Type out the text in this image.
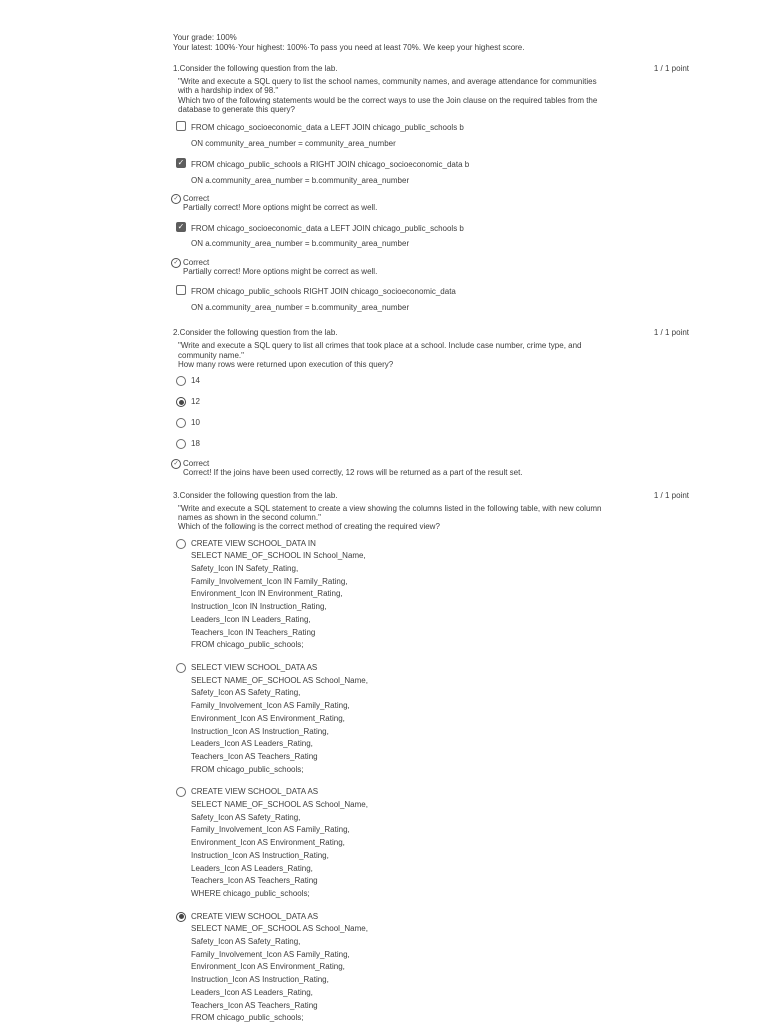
Your grade: 100%
Your latest: 100%·Your highest: 100%·To pass you need at least 70%. We keep your highest score.
1.Consider the following question from the lab.	1 / 1 point
"Write and execute a SQL query to list the school names, community names, and average attendance for communities
with a hardship index of 98."
Which two of the following statements would be the correct ways to use the Join clause on the required tables from the
database to generate this query?
FROM chicago_socioeconomic_data a LEFT JOIN chicago_public_schools b
ON community_area_number = community_area_number
✓ FROM chicago_public_schools a RIGHT JOIN chicago_socioeconomic_data b
ON a.community_area_number = b.community_area_number
✓ Correct
Partially correct! More options might be correct as well.
✓ FROM chicago_socioeconomic_data a LEFT JOIN chicago_public_schools b
ON a.community_area_number = b.community_area_number
✓ Correct
Partially correct! More options might be correct as well.
FROM chicago_public_schools RIGHT JOIN chicago_socioeconomic_data
ON a.community_area_number = b.community_area_number
2.Consider the following question from the lab.	1 / 1 point
"Write and execute a SQL query to list all crimes that took place at a school. Include case number, crime type, and
community name."
How many rows were returned upon execution of this query?
14
12
10
18
✓ Correct
Correct! If the joins have been used correctly, 12 rows will be returned as a part of the result set.
3.Consider the following question from the lab.	1 / 1 point
"Write and execute a SQL statement to create a view showing the columns listed in the following table, with new column
names as shown in the second column."
Which of the following is the correct method of creating the required view?
CREATE VIEW SCHOOL_DATA IN
SELECT NAME_OF_SCHOOL IN School_Name,
Safety_Icon IN Safety_Rating,
Family_Involvement_Icon IN Family_Rating,
Environment_Icon IN Environment_Rating,
Instruction_Icon IN Instruction_Rating,
Leaders_Icon IN Leaders_Rating,
Teachers_Icon IN Teachers_Rating
FROM chicago_public_schools;
SELECT VIEW SCHOOL_DATA AS
SELECT NAME_OF_SCHOOL AS School_Name,
Safety_Icon AS Safety_Rating,
Family_Involvement_Icon AS Family_Rating,
Environment_Icon AS Environment_Rating,
Instruction_Icon AS Instruction_Rating,
Leaders_Icon AS Leaders_Rating,
Teachers_Icon AS Teachers_Rating
FROM chicago_public_schools;
CREATE VIEW SCHOOL_DATA AS
SELECT NAME_OF_SCHOOL AS School_Name,
Safety_Icon AS Safety_Rating,
Family_Involvement_Icon AS Family_Rating,
Environment_Icon AS Environment_Rating,
Instruction_Icon AS Instruction_Rating,
Leaders_Icon AS Leaders_Rating,
Teachers_Icon AS Teachers_Rating
WHERE chicago_public_schools;
CREATE VIEW SCHOOL_DATA AS
SELECT NAME_OF_SCHOOL AS School_Name,
Safety_Icon AS Safety_Rating,
Family_Involvement_Icon AS Family_Rating,
Environment_Icon AS Environment_Rating,
Instruction_Icon AS Instruction_Rating,
Leaders_Icon AS Leaders_Rating,
Teachers_Icon AS Teachers_Rating
FROM chicago_public_schools;
